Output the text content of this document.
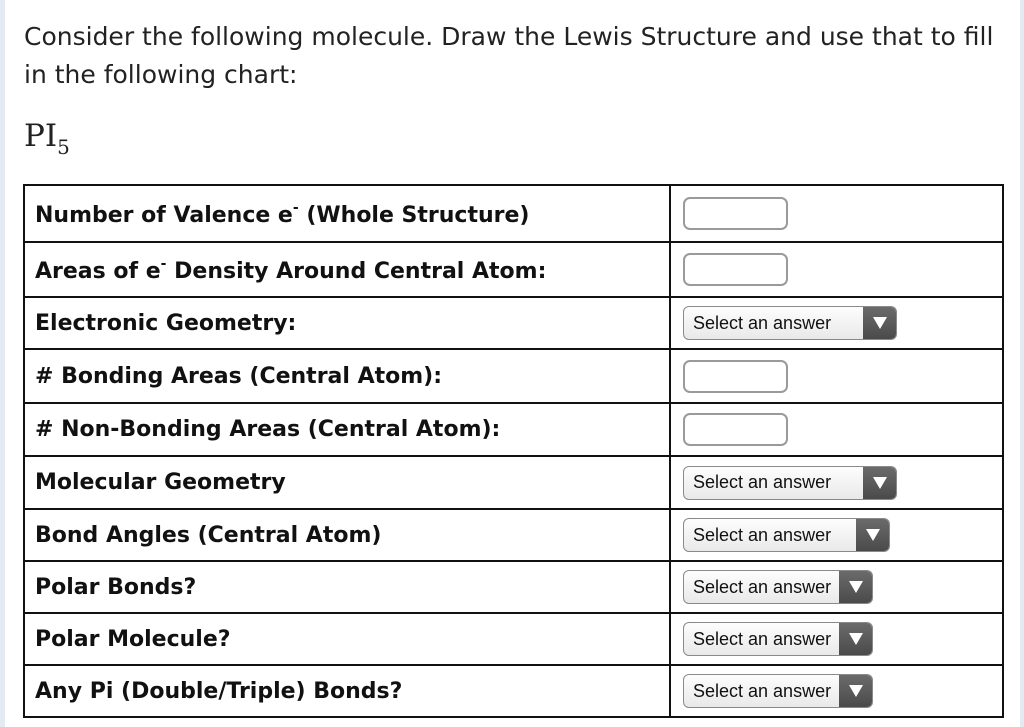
Consider the following molecule. Draw the Lewis Structure and use that to fill
in the following chart:
$PI_5$
Number of Valence e- (Whole Structure)	

Areas of e- Density Around Central Atom:	

Electronic Geometry:	Select an answer

# Bonding Areas (Central Atom):	

# Non-Bonding Areas (Central Atom):	

Molecular Geometry	Select an answer

Bond Angles (Central Atom)	Select an answer

Polar Bonds?	Select an answer

Polar Molecule?	Select an answer

Any Pi (Double/Triple) Bonds?	Select an answer
